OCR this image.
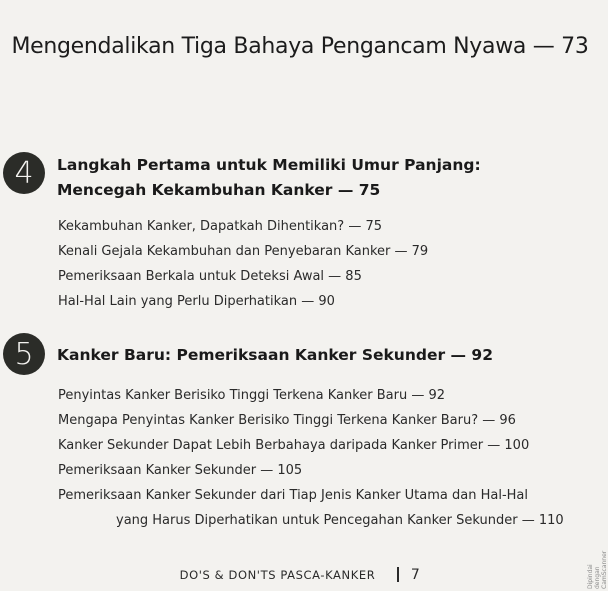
Mengendalikan Tiga Bahaya Pengancam Nyawa — 73
4	Langkah Pertama untuk Memiliki Umur Panjang:
Mencegah Kekambuhan Kanker — 75
Kekambuhan Kanker, Dapatkah Dihentikan? — 75
Kenali Gejala Kekambuhan dan Penyebaran Kanker — 79
Pemeriksaan Berkala untuk Deteksi Awal — 85
Hal-Hal Lain yang Perlu Diperhatikan — 90
5	Kanker Baru: Pemeriksaan Kanker Sekunder — 92
Penyintas Kanker Berisiko Tinggi Terkena Kanker Baru — 92
Mengapa Penyintas Kanker Berisiko Tinggi Terkena Kanker Baru? — 96
Kanker Sekunder Dapat Lebih Berbahaya daripada Kanker Primer — 100
Pemeriksaan Kanker Sekunder — 105
Pemeriksaan Kanker Sekunder dari Tiap Jenis Kanker Utama dan Hal-Hal
yang Harus Diperhatikan untuk Pencegahan Kanker Sekunder — 110
DO'S & DON'TS PASCA-KANKER	7	Dipindai dengan CamScanner
